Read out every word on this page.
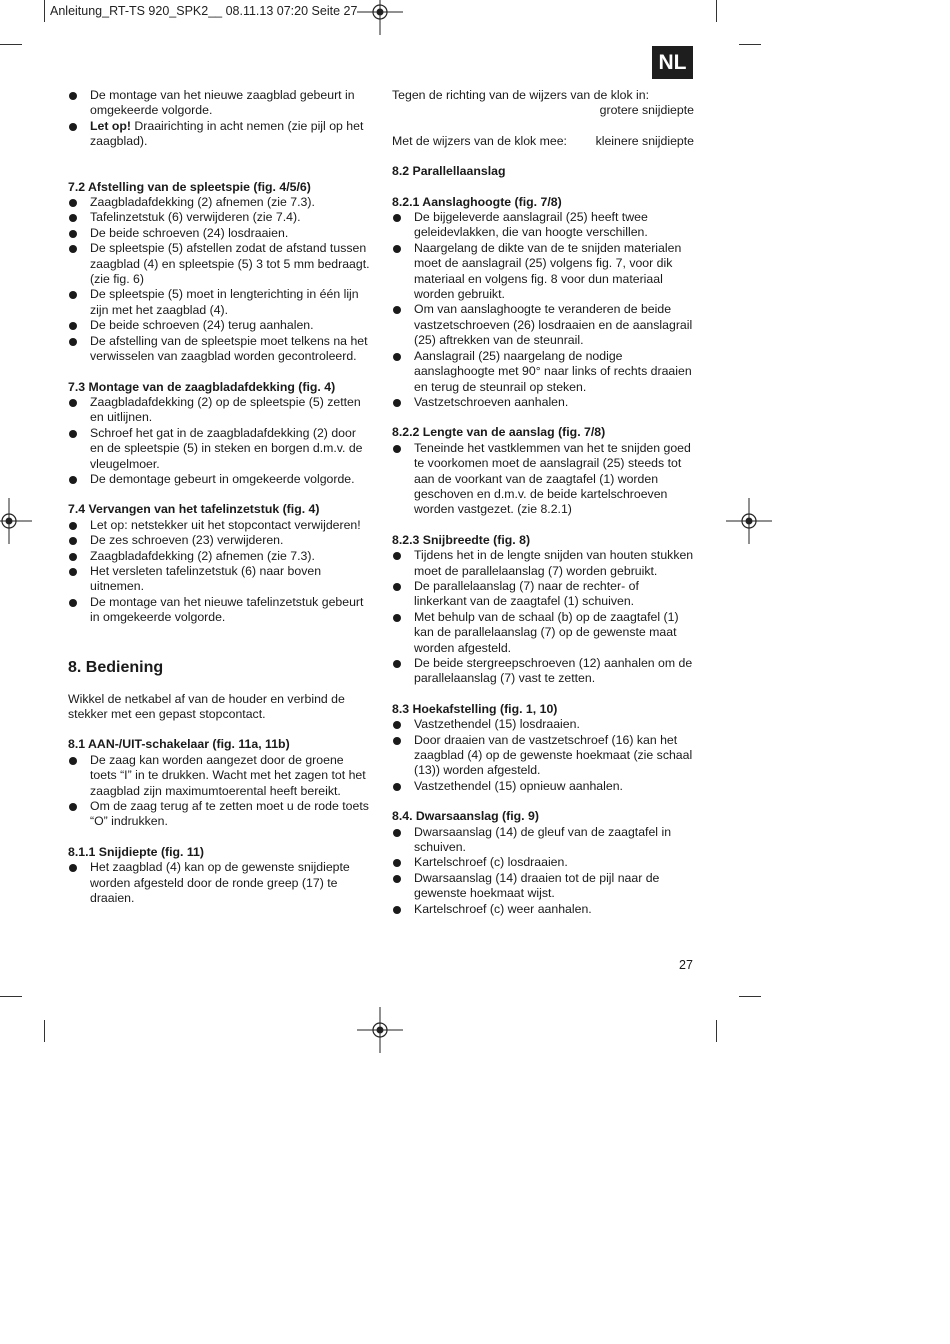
Anleitung_RT-TS 920_SPK2__ 08.11.13 07:20 Seite 27
NL
De montage van het nieuwe zaagblad gebeurt in omgekeerde volgorde.
Let op! Draairichting in acht nemen (zie pijl op het zaagblad).

7.2 Afstelling van de spleetspie (fig. 4/5/6)

Zaagbladafdekking (2) afnemen (zie 7.3).
Tafelinzetstuk (6) verwijderen (zie 7.4).
De beide schroeven (24) losdraaien.
De spleetspie (5) afstellen zodat de afstand tussen zaagblad (4) en spleetspie (5) 3 tot 5 mm bedraagt. (zie fig. 6)
De spleetspie (5) moet in lengterichting in één lijn zijn met het zaagblad (4).
De beide schroeven (24) terug aanhalen.
De afstelling van de spleetspie moet telkens na het verwisselen van zaagblad worden gecontroleerd.

7.3 Montage van de zaagbladafdekking (fig. 4)

Zaagbladafdekking (2) op de spleetspie (5) zetten en uitlijnen.
Schroef het gat in de zaagbladafdekking (2) door en de spleetspie (5) in steken en borgen d.m.v. de vleugelmoer.
De demontage gebeurt in omgekeerde volgorde.

7.4 Vervangen van het tafelinzetstuk (fig. 4)

Let op: netstekker uit het stopcontact verwijderen!
De zes schroeven (23) verwijderen.
Zaagbladafdekking (2) afnemen (zie 7.3).
Het versleten tafelinzetstuk (6) naar boven uitnemen.
De montage van het nieuwe tafelinzetstuk gebeurt in omgekeerde volgorde.

8. Bediening

Wikkel de netkabel af van de houder en verbind de stekker met een gepast stopcontact.

8.1 AAN-/UIT-schakelaar (fig. 11a, 11b)

De zaag kan worden aangezet door de groene toets “I” in te drukken. Wacht met het zagen tot het zaagblad zijn maximumtoerental heeft bereikt.
Om de zaag terug af te zetten moet u de rode toets “O” indrukken.

8.1.1 Snijdiepte (fig. 11)

Het zaagblad (4) kan op de gewenste snijdiepte worden afgesteld door de ronde greep (17) te draaien.

Tegen de richting van de wijzers van de klok in:

grotere snijdiepte

Met de wijzers van de klok mee: kleinere snijdiepte

8.2 Parallellaanslag

8.2.1 Aanslaghoogte (fig. 7/8)

De bijgeleverde aanslagrail (25) heeft twee geleidevlakken, die van hoogte verschillen.
Naargelang de dikte van de te snijden materialen moet de aanslagrail (25) volgens fig. 7, voor dik materiaal en volgens fig. 8 voor dun materiaal worden gebruikt.
Om van aanslaghoogte te veranderen de beide vastzetschroeven (26) losdraaien en de aanslagrail (25) aftrekken van de steunrail.
Aanslagrail (25) naargelang de nodige aanslaghoogte met 90° naar links of rechts draaien en terug de steunrail op steken.
Vastzetschroeven aanhalen.

8.2.2 Lengte van de aanslag (fig. 7/8)

Teneinde het vastklemmen van het te snijden goed te voorkomen moet de aanslagrail (25) steeds tot aan de voorkant van de zaagtafel (1) worden geschoven en d.m.v. de beide kartelschroeven worden vastgezet. (zie 8.2.1)

8.2.3 Snijbreedte (fig. 8)

Tijdens het in de lengte snijden van houten stukken moet de parallelaanslag (7) worden gebruikt.
De parallelaanslag (7) naar de rechter- of linkerkant van de zaagtafel (1) schuiven.
Met behulp van de schaal (b) op de zaagtafel (1) kan de parallelaanslag (7) op de gewenste maat worden afgesteld.
De beide stergreepschroeven (12) aanhalen om de parallelaanslag (7) vast te zetten.

8.3 Hoekafstelling (fig. 1, 10)

Vastzethendel (15) losdraaien.
Door draaien van de vastzetschroef (16) kan het zaagblad (4) op de gewenste hoekmaat (zie schaal (13)) worden afgesteld.
Vastzethendel (15) opnieuw aanhalen.

8.4. Dwarsaanslag (fig. 9)

Dwarsaanslag (14) de gleuf van de zaagtafel in schuiven.
Kartelschroef (c) losdraaien.
Dwarsaanslag (14) draaien tot de pijl naar de gewenste hoekmaat wijst.
Kartelschroef (c) weer aanhalen.
27
